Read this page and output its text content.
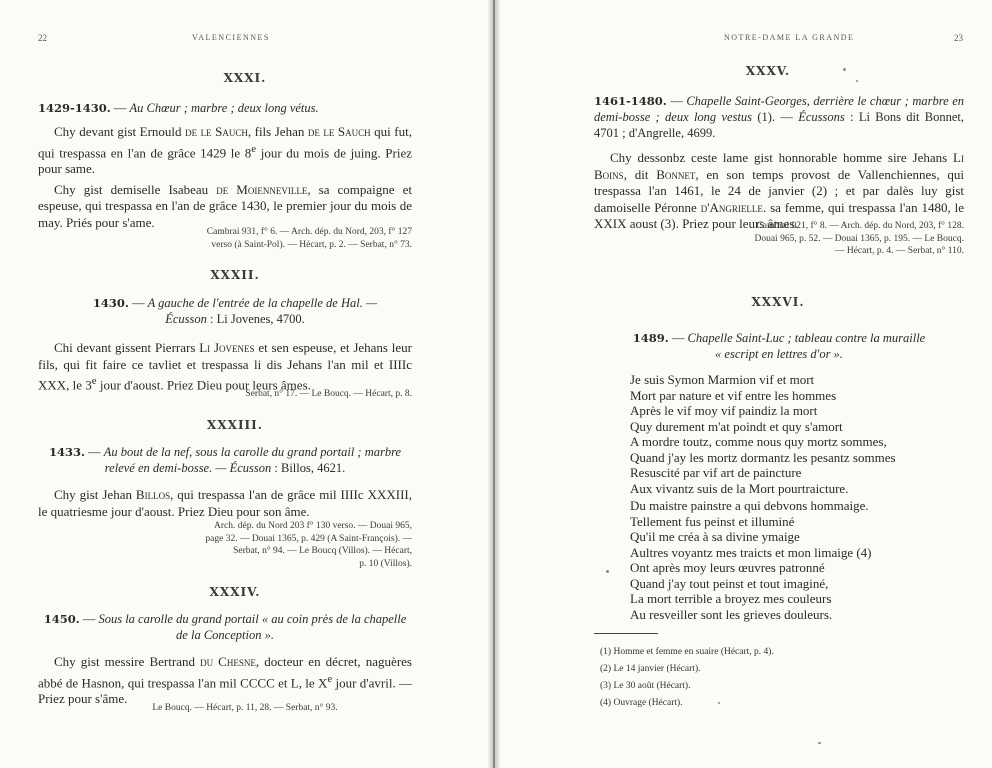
22	VALENCIENNES
XXXI.
1429-1430. — Au Chœur ; marbre ; deux long vétus.

Chy devant gist Ernould de le Sauch, fils Jehan de le Sauch qui fut, qui trespassa en l'an de grâce 1429 le 8e jour du mois de juing. Priez pour same.

Chy gist demiselle Isabeau de Moienneville, sa compaigne et espeuse, qui trespassa en l'an de grâce 1430, le premier jour du mois de may. Priés pour s'ame.

Cambrai 931, f° 6. — Arch. dép. du Nord, 203, f° 127
verso (à Saint-Pol). — Hécart, p. 2. — Serbat, n° 73.
XXXII.
1430. — A gauche de l'entrée de la chapelle de Hal. —
Écusson : Li Jovenes, 4700.

Chi devant gissent Pierrars Li Jovenes et sen espeuse, et Jehans leur fils, qui fit faire ce tavliet et trespassa li dis Jehans l'an mil et IIIIc XXX, le 3e jour d'aoust. Priez Dieu pour leurs âmes.

Serbat, n° 17. — Le Boucq. — Hécart, p. 8.
XXXIII.
1433. — Au bout de la nef, sous la carolle du grand portail ; marbre
relevé en demi-bosse. — Écusson : Billos, 4621.

Chy gist Jehan Billos, qui trespassa l'an de grâce mil IIIIc XXXIII, le quatriesme jour d'aoust. Priez Dieu pour son âme.

Arch. dép. du Nord 203 f° 130 verso. — Douai 965,
page 32. — Douai 1365, p. 429 (A Saint-François). —
Serbat, n° 94. — Le Boucq (Villos). — Hécart,
p. 10 (Villos).
XXXIV.
1450. — Sous la carolle du grand portail « au coin près de la chapelle
de la Conception ».

Chy gist messire Bertrand du Chesne, docteur en décret, naguères abbé de Hasnon, qui trespassa l'an mil CCCC et L, le Xe jour d'avril. — Priez pour s'âme.

Le Boucq. — Hécart, p. 11, 28. — Serbat, n° 93.
NOTRE-DAME LA GRANDE	23
XXXV.
1461-1480. — Chapelle Saint-Georges, derrière le chœur ; marbre en demi-bosse ; deux long vestus (1). — Écussons : Li Bons dit Bonnet, 4701 ; d'Angrelle, 4699.

Chy dessonbz ceste lame gist honnorable homme sire Jehans Li Boins, dit Bonnet, en son temps provost de Vallenchiennes, qui trespassa l'an 1461, le 24 de janvier (2) ; et par dalès luy gist damoiselle Péronne d'Angrielle. sa femme, qui trespassa l'an 1480, le XXIX aoust (3). Priez pour leurs âmes.

Cambrai 921, f° 8. — Arch. dép. du Nord, 203, f° 128.
Douai 965, p. 52. — Douai 1365, p. 195. — Le Boucq.
— Hécart, p. 4. — Serbat, n° 110.
XXXVI.
1489. — Chapelle Saint-Luc ; tableau contre la muraille
« escript en lettres d'or ».
Je suis Symon Marmion vif et mort
Mort par nature et vif entre les hommes
Après le vif moy vif paindiz la mort
Quy durement m'at poindt et quy s'amort
A mordre toutz, comme nous quy mortz sommes,
Quand j'ay les mortz dormantz les pesantz sommes
Resuscité par vif art de paincture
Aux vivantz suis de la Mort pourtraicture.
Du maistre painstre a qui debvons hommaige.
Tellement fus peinst et illuminé
Qu'il me créa à sa divine ymaige
Aultres voyantz mes traicts et mon limaige (4)
Ont après moy leurs œuvres patronné
Quand j'ay tout peinst et tout imaginé,
La mort terrible a broyez mes couleurs
Au resveiller sont les grieves douleurs.
(1) Homme et femme en suaire (Hécart, p. 4).
(2) Le 14 janvier (Hécart).
(3) Le 30 août (Hécart).
(4) Ouvrage (Hécart).
